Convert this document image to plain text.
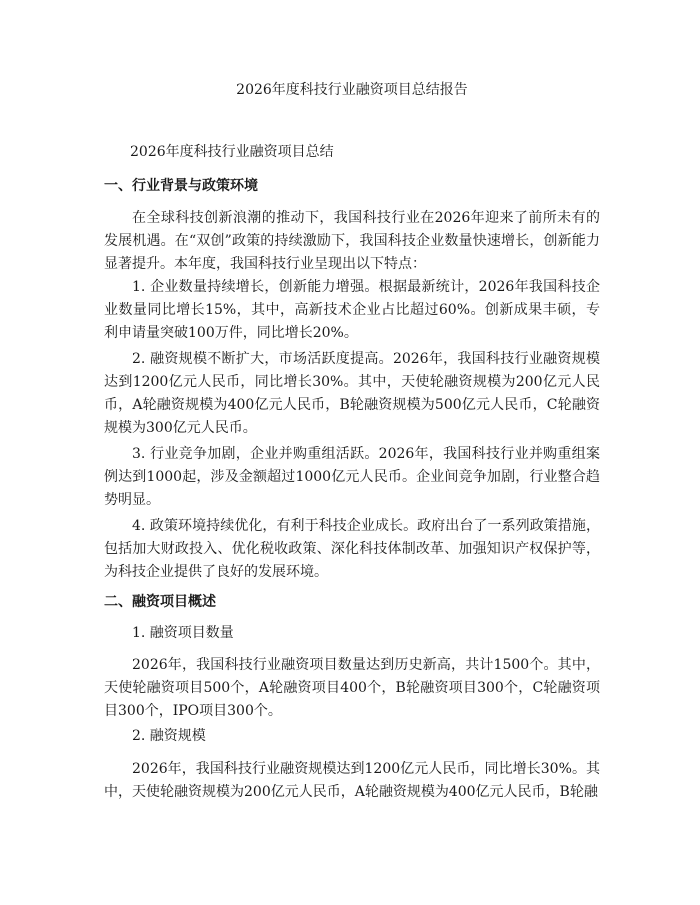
2026年度科技行业融资项目总结报告
2026年度科技行业融资项目总结
一、行业背景与政策环境
在全球科技创新浪潮的推动下，我国科技行业在2026年迎来了前所未有的发展机遇。在“双创”政策的持续激励下，我国科技企业数量快速增长，创新能力显著提升。本年度，我国科技行业呈现出以下特点：
1. 企业数量持续增长，创新能力增强。根据最新统计，2026年我国科技企业数量同比增长15%，其中，高新技术企业占比超过60%。创新成果丰硕，专利申请量突破100万件，同比增长20%。
2. 融资规模不断扩大，市场活跃度提高。2026年，我国科技行业融资规模达到1200亿元人民币，同比增长30%。其中，天使轮融资规模为200亿元人民币，A轮融资规模为400亿元人民币，B轮融资规模为500亿元人民币，C轮融资规模为300亿元人民币。
3. 行业竞争加剧，企业并购重组活跃。2026年，我国科技行业并购重组案例达到1000起，涉及金额超过1000亿元人民币。企业间竞争加剧，行业整合趋势明显。
4. 政策环境持续优化，有利于科技企业成长。政府出台了一系列政策措施，包括加大财政投入、优化税收政策、深化科技体制改革、加强知识产权保护等，为科技企业提供了良好的发展环境。
二、融资项目概述
1. 融资项目数量
2026年，我国科技行业融资项目数量达到历史新高，共计1500个。其中，天使轮融资项目500个，A轮融资项目400个，B轮融资项目300个，C轮融资项目300个，IPO项目300个。
2. 融资规模
2026年，我国科技行业融资规模达到1200亿元人民币，同比增长30%。其中，天使轮融资规模为200亿元人民币，A轮融资规模为400亿元人民币，B轮融
